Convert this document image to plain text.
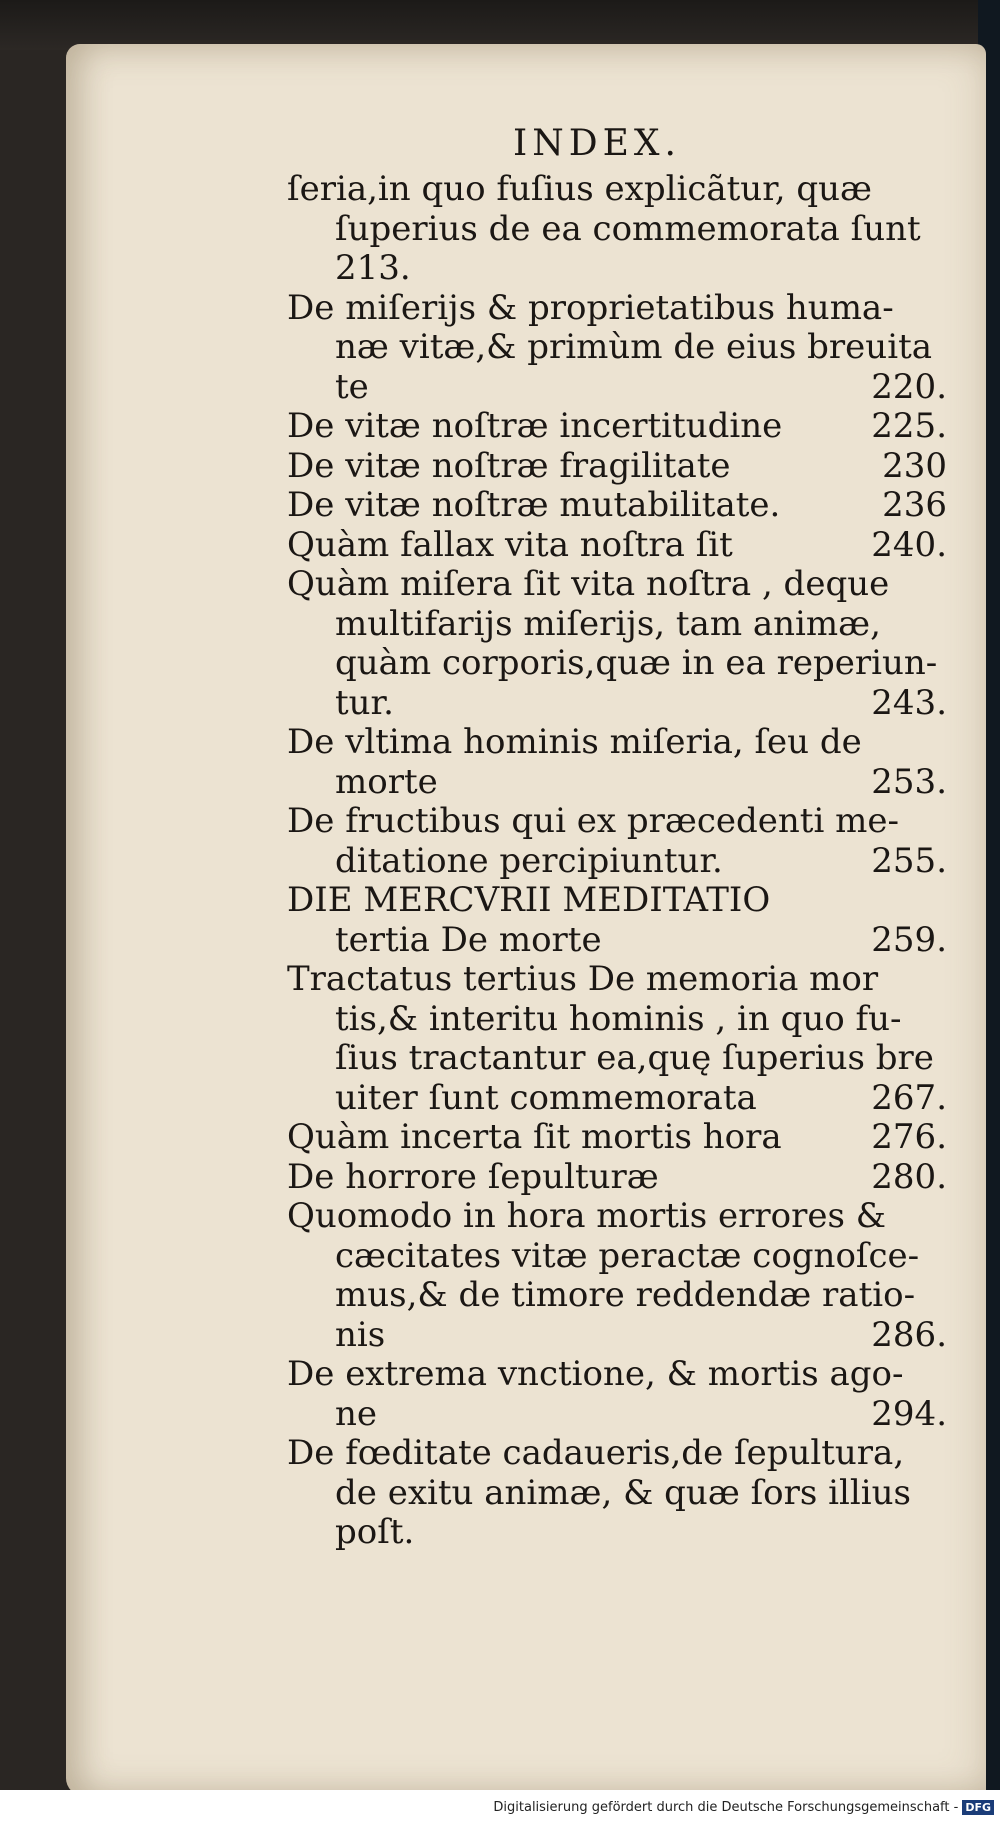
INDEX.
ſeria,in quo fuſius explicãtur, quæ
ſuperius de ea commemorata ſunt
213.
De miſerijs & proprietatibus huma-
næ vitæ,& primùm de eius breuita
te	220.
De vitæ noſtræ incertitudine	225.
De vitæ noſtræ fragilitate	230
De vitæ noſtræ mutabilitate.	236
Quàm fallax vita noſtra ſit	240.
Quàm miſera ſit vita noſtra , deque
multifarijs miſerijs, tam animæ,
quàm corporis,quæ in ea reperiun-
tur.	243.
De vltima hominis miſeria, ſeu de
morte	253.
De fructibus qui ex præcedenti me-
ditatione percipiuntur.	255.
DIE MERCVRII MEDITATIO
tertia De morte	259.
Tractatus tertius De memoria mor
tis,& interitu hominis , in quo fu-
ſius tractantur ea,quę ſuperius bre
uiter ſunt commemorata	267.
Quàm incerta ſit mortis hora	276.
De horrore ſepulturæ	280.
Quomodo in hora mortis errores &
cæcitates vitæ peractæ cognoſce-
mus,& de timore reddendæ ratio-
nis	286.
De extrema vnctione, & mortis ago-
ne	294.
De fœditate cadaueris,de ſepultura,
de exitu animæ, & quæ ſors illius
poſt.
Digitalisierung gefördert durch die Deutsche Forschungsgemeinschaft - DFG
